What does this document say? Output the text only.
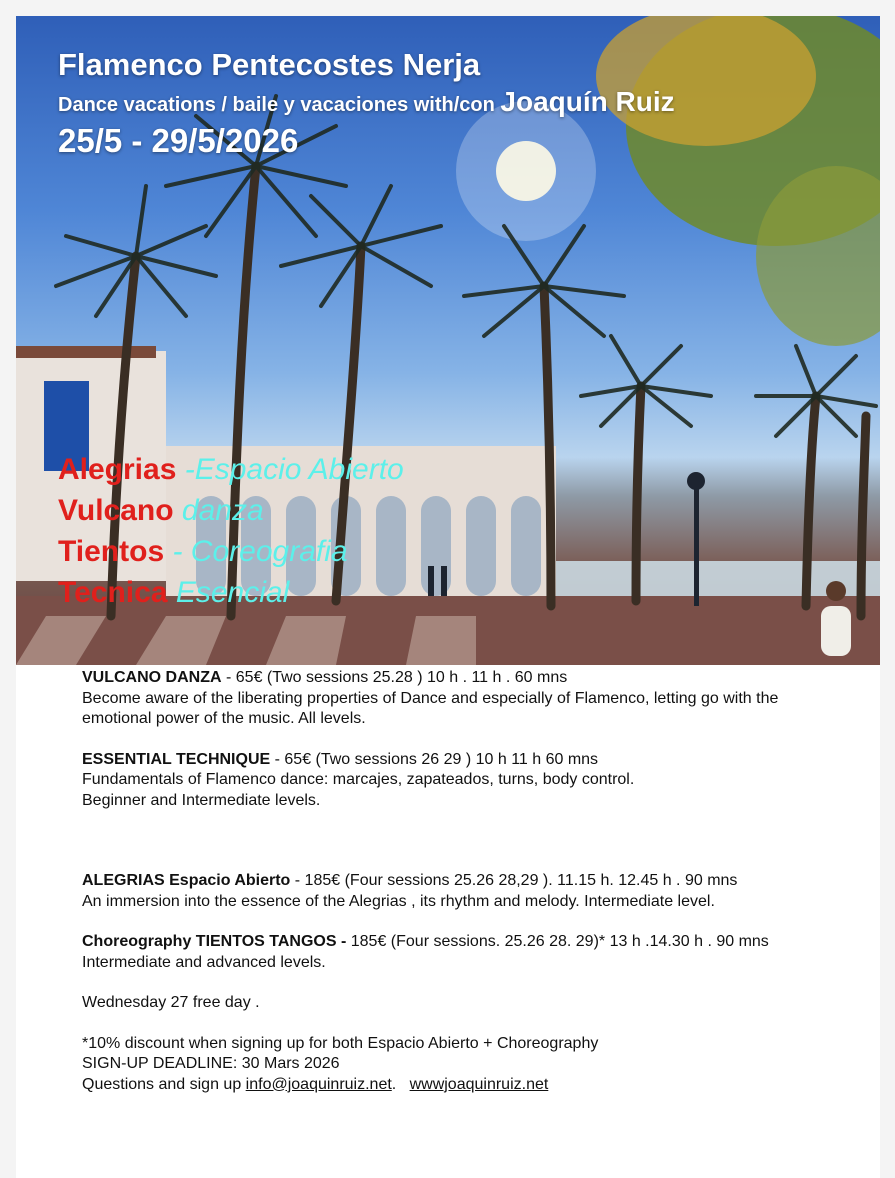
Flamenco Pentecostes Nerja
Dance vacations / baile y vacaciones with/con Joaquín Ruiz
25/5 - 29/5/2026
Alegrias -Espacio Abierto
Vulcano danza
Tientos - Coreografia
Tecnica Esencial

VULCANO DANZA - 65€ (Two sessions 25.28 ) 10 h . 11 h . 60 mns
Become aware of the liberating properties of Dance and especially of Flamenco, letting go with the emotional power of the music. All levels.

ESSENTIAL TECHNIQUE - 65€ (Two sessions 26 29 ) 10 h 11 h 60 mns
Fundamentals of Flamenco dance: marcajes, zapateados, turns, body control.
Beginner and Intermediate levels.

ALEGRIAS Espacio Abierto - 185€ (Four sessions 25.26 28,29 ). 11.15 h. 12.45 h . 90 mns
An immersion into the essence of the Alegrias , its rhythm and melody. Intermediate level.

Choreography TIENTOS TANGOS - 185€ (Four sessions. 25.26 28. 29)* 13 h .14.30 h . 90 mns Intermediate and advanced levels.

Wednesday 27 free day .

*10% discount when signing up for both Espacio Abierto + Choreography
SIGN-UP DEADLINE: 30 Mars 2026
Questions and sign up info@joaquinruiz.net. wwwjoaquinruiz.net
